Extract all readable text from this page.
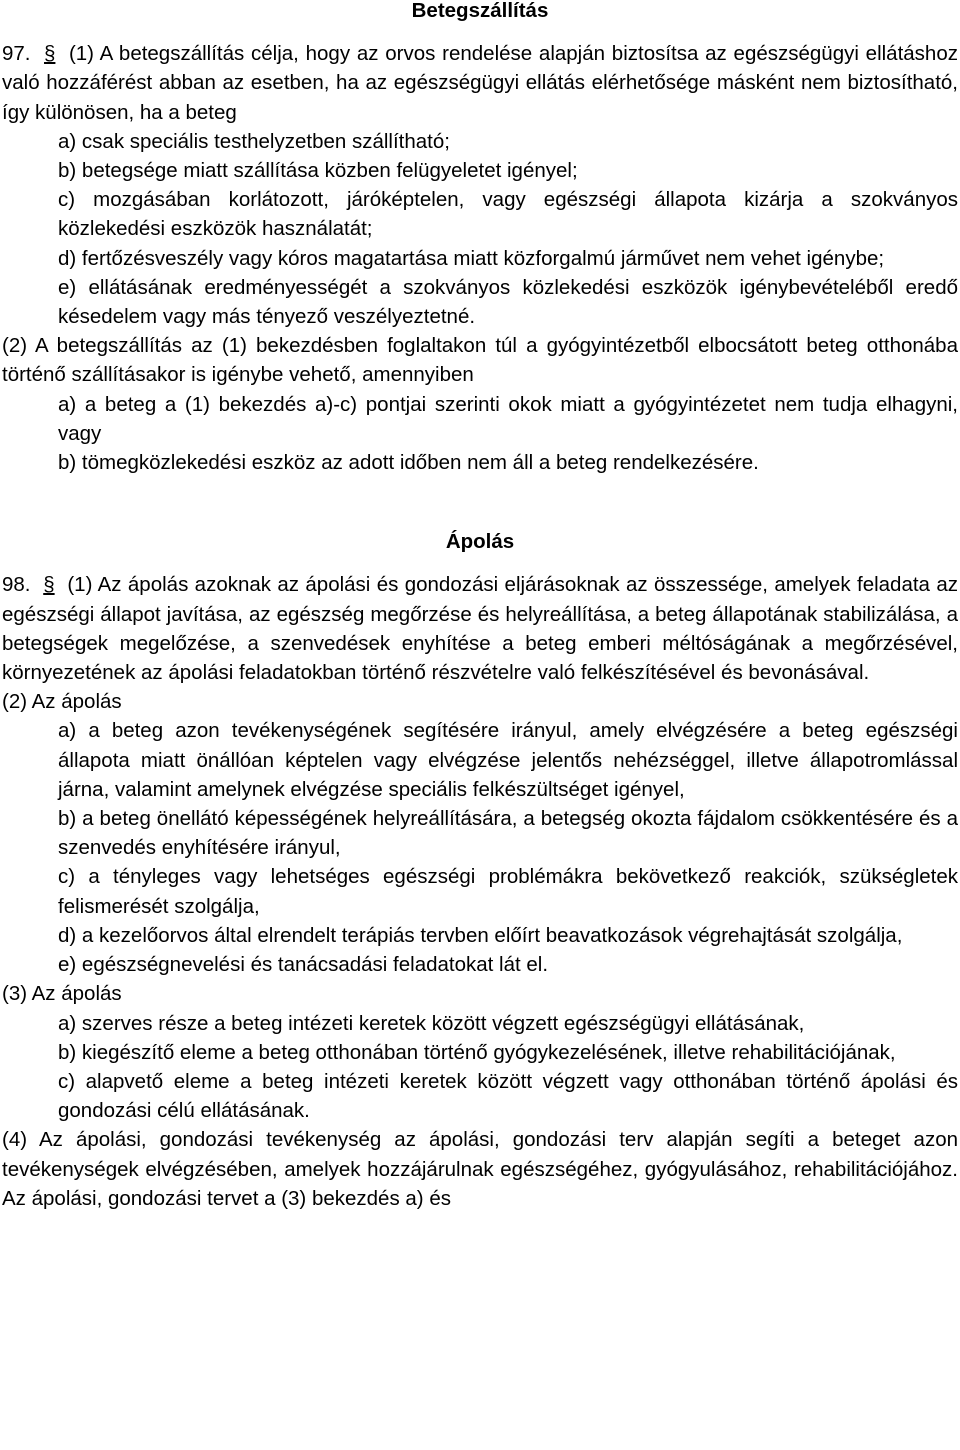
Betegszállítás

97. § (1) A betegszállítás célja, hogy az orvos rendelése alapján biztosítsa az egészségügyi ellátáshoz való hozzáférést abban az esetben, ha az egészségügyi ellátás elérhetősége másként nem biztosítható, így különösen, ha a beteg

a) csak speciális testhelyzetben szállítható;

b) betegsége miatt szállítása közben felügyeletet igényel;

c) mozgásában korlátozott, járóképtelen, vagy egészségi állapota kizárja a szokványos közlekedési eszközök használatát;

d) fertőzésveszély vagy kóros magatartása miatt közforgalmú járművet nem vehet igénybe;

e) ellátásának eredményességét a szokványos közlekedési eszközök igénybevételéből eredő késedelem vagy más tényező veszélyeztetné.

(2) A betegszállítás az (1) bekezdésben foglaltakon túl a gyógyintézetből elbocsátott beteg otthonába történő szállításakor is igénybe vehető, amennyiben

a) a beteg a (1) bekezdés a)-c) pontjai szerinti okok miatt a gyógyintézetet nem tudja elhagyni, vagy

b) tömegközlekedési eszköz az adott időben nem áll a beteg rendelkezésére.

Ápolás

98. § (1) Az ápolás azoknak az ápolási és gondozási eljárásoknak az összessége, amelyek feladata az egészségi állapot javítása, az egészség megőrzése és helyreállítása, a beteg állapotának stabilizálása, a betegségek megelőzése, a szenvedések enyhítése a beteg emberi méltóságának a megőrzésével, környezetének az ápolási feladatokban történő részvételre való felkészítésével és bevonásával.

(2) Az ápolás

a) a beteg azon tevékenységének segítésére irányul, amely elvégzésére a beteg egészségi állapota miatt önállóan képtelen vagy elvégzése jelentős nehézséggel, illetve állapotromlással járna, valamint amelynek elvégzése speciális felkészültséget igényel,

b) a beteg önellátó képességének helyreállítására, a betegség okozta fájdalom csökkentésére és a szenvedés enyhítésére irányul,

c) a tényleges vagy lehetséges egészségi problémákra bekövetkező reakciók, szükségletek felismerését szolgálja,

d) a kezelőorvos által elrendelt terápiás tervben előírt beavatkozások végrehajtását szolgálja,

e) egészségnevelési és tanácsadási feladatokat lát el.

(3) Az ápolás

a) szerves része a beteg intézeti keretek között végzett egészségügyi ellátásának,

b) kiegészítő eleme a beteg otthonában történő gyógykezelésének, illetve rehabilitációjának,

c) alapvető eleme a beteg intézeti keretek között végzett vagy otthonában történő ápolási és gondozási célú ellátásának.

(4) Az ápolási, gondozási tevékenység az ápolási, gondozási terv alapján segíti a beteget azon tevékenységek elvégzésében, amelyek hozzájárulnak egészségéhez, gyógyulásához, rehabilitációjához. Az ápolási, gondozási tervet a (3) bekezdés a) és
